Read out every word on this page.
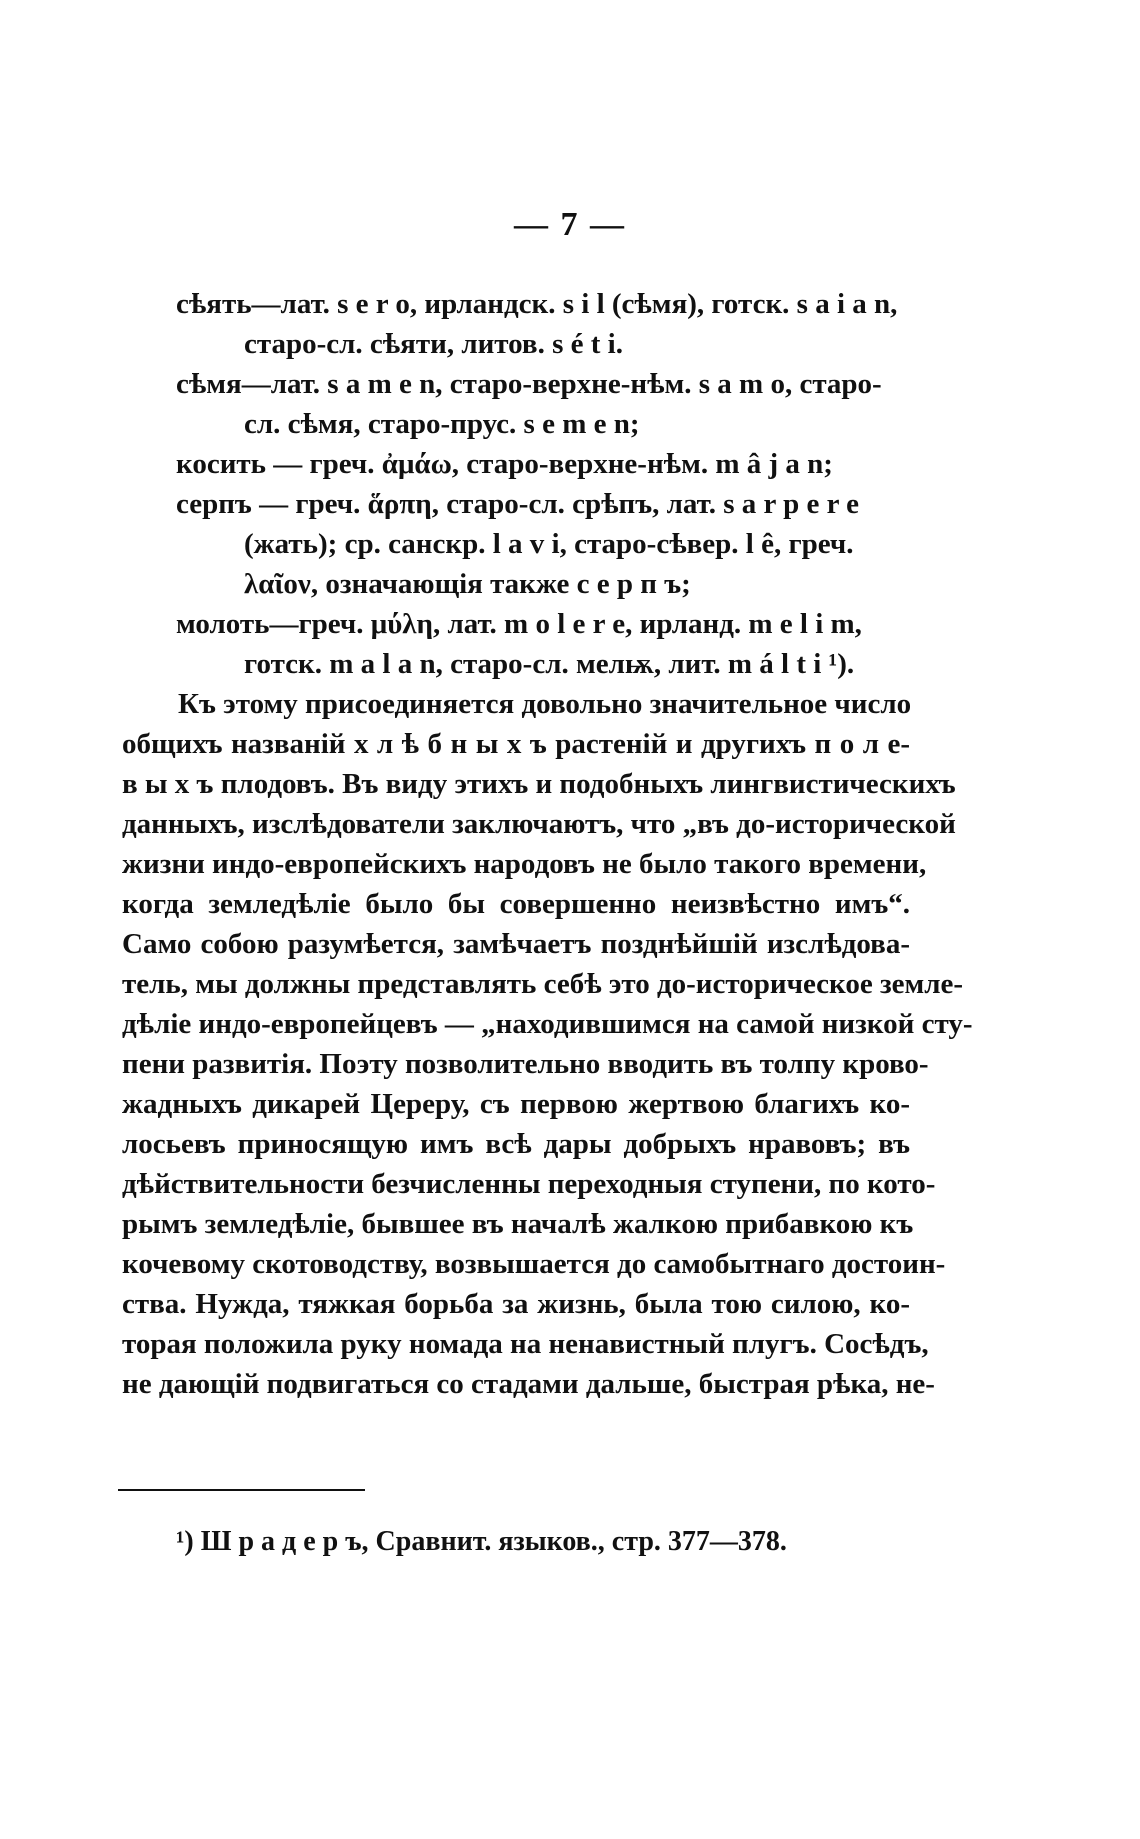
— 7 —
сѣять—лат. s e r o, ирландск. s i l (сѣмя), готск. s a i a n,
старо-сл. сѣяти, литов. s é t i.
сѣмя—лат. s a m e n, старо-верхне-нѣм. s a m o, старо-
сл. сѣмя, старо-прус. s e m e n;
косить — греч. ἀμάω, старо-верхне-нѣм. m â j a n;
серпъ — греч. ἅρπη, старо-сл. срѣпъ, лат. s a r p e r e
(жать); ср. санскр. l a v i, старо-сѣвер. l ê, греч.
λαῖον, означающія также с е р п ъ;
молоть—греч. μύλη, лат. m o l e r e, ирланд. m e l i m,
готск. m a l a n, старо-сл. мелѭ, лит. m á l t i ¹).
Къ этому присоединяется довольно значительное число
общихъ названій х л ѣ б н ы х ъ растеній и другихъ п о л е-
в ы х ъ плодовъ. Въ виду этихъ и подобныхъ лингвистическихъ
данныхъ, изслѣдователи заключаютъ, что „въ до-исторической
жизни индо-европейскихъ народовъ не было такого времени,
когда земледѣліе было бы совершенно неизвѣстно имъ“.
Само собою разумѣется, замѣчаетъ позднѣйшій изслѣдова-
тель, мы должны представлять себѣ это до-историческое земле-
дѣліе индо-европейцевъ — „находившимся на самой низкой сту-
пени развитія. Поэту позволительно вводить въ толпу крово-
жадныхъ дикарей Цереру, съ первою жертвою благихъ ко-
лосьевъ приносящую имъ всѣ дары добрыхъ нравовъ; въ
дѣйствительности безчисленны переходныя ступени, по кото-
рымъ земледѣліе, бывшее въ началѣ жалкою прибавкою къ
кочевому скотоводству, возвышается до самобытнаго достоин-
ства. Нужда, тяжкая борьба за жизнь, была тою силою, ко-
торая положила руку номада на ненавистный плугъ. Сосѣдъ,
не дающій подвигаться со стадами дальше, быстрая рѣка, не-
¹) Ш р а д е р ъ, Сравнит. языков., стр. 377—378.
